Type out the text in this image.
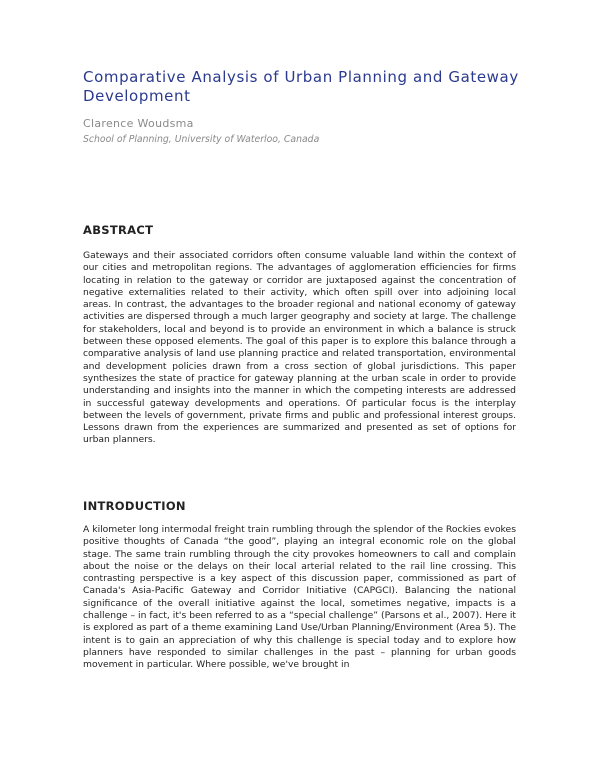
Comparative Analysis of Urban Planning and Gateway Development
Clarence Woudsma
School of Planning, University of Waterloo, Canada
ABSTRACT
Gateways and their associated corridors often consume valuable land within the context of our cities and metropolitan regions. The advantages of agglomeration efficiencies for firms locating in relation to the gateway or corridor are juxtaposed against the concentration of negative externalities related to their activity, which often spill over into adjoining local areas. In contrast, the advantages to the broader regional and national economy of gateway activities are dispersed through a much larger geography and society at large. The challenge for stakeholders, local and beyond is to provide an environment in which a balance is struck between these opposed elements. The goal of this paper is to explore this balance through a comparative analysis of land use planning practice and related transportation, environmental and development policies drawn from a cross section of global jurisdictions. This paper synthesizes the state of practice for gateway planning at the urban scale in order to provide understanding and insights into the manner in which the competing interests are addressed in successful gateway developments and operations. Of particular focus is the interplay between the levels of government, private firms and public and professional interest groups. Lessons drawn from the experiences are summarized and presented as set of options for urban planners.
INTRODUCTION
A kilometer long intermodal freight train rumbling through the splendor of the Rockies evokes positive thoughts of Canada “the good”, playing an integral economic role on the global stage. The same train rumbling through the city provokes homeowners to call and complain about the noise or the delays on their local arterial related to the rail line crossing. This contrasting perspective is a key aspect of this discussion paper, commissioned as part of Canada's Asia-Pacific Gateway and Corridor Initiative (CAPGCI). Balancing the national significance of the overall initiative against the local, sometimes negative, impacts is a challenge – in fact, it's been referred to as a “special challenge” (Parsons et al., 2007). Here it is explored as part of a theme examining Land Use/Urban Planning/Environment (Area 5). The intent is to gain an appreciation of why this challenge is special today and to explore how planners have responded to similar challenges in the past – planning for urban goods movement in particular. Where possible, we've brought in
